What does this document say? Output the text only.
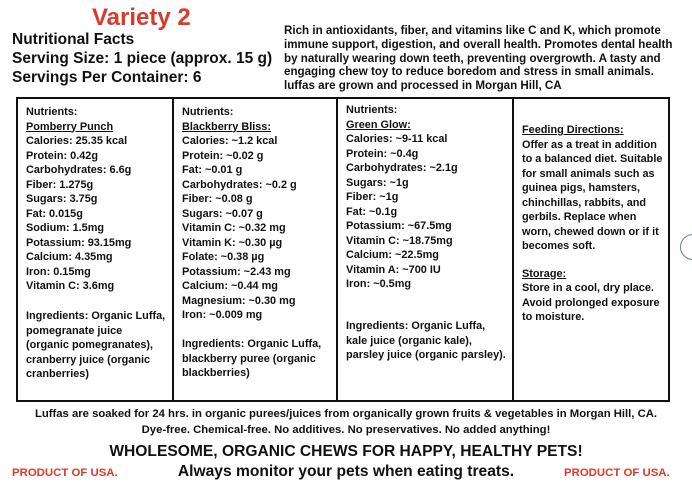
Variety 2
Nutritional Facts
Serving Size: 1 piece (approx. 15 g)
Servings Per Container: 6
Rich in antioxidants, fiber, and vitamins like C and K, which promote immune support, digestion, and overall health. Promotes dental health by naturally wearing down teeth, preventing overgrowth. A tasty and engaging chew toy to reduce boredom and stress in small animals. luffas are grown and processed in Morgan Hill, CA
Nutrients:
Pomberry Punch
Calories: 25.35 kcal
Protein: 0.42g
Carbohydrates: 6.6g
Fiber: 1.275g
Sugars: 3.75g
Fat: 0.015g
Sodium: 1.5mg
Potassium: 93.15mg
Calcium: 4.35mg
Iron: 0.15mg
Vitamin C: 3.6mg
Ingredients: Organic Luffa, pomegranate juice (organic pomegranates), cranberry juice (organic cranberries)
Nutrients:
Blackberry Bliss:
Calories: ~1.2 kcal
Protein: ~0.02 g
Fat: ~0.01 g
Carbohydrates: ~0.2 g
Fiber: ~0.08 g
Sugars: ~0.07 g
Vitamin C: ~0.32 mg
Vitamin K: ~0.30 µg
Folate: ~0.38 µg
Potassium: ~2.43 mg
Calcium: ~0.44 mg
Magnesium: ~0.30 mg
Iron: ~0.009 mg
Ingredients: Organic Luffa, blackberry puree (organic blackberries)
Nutrients:
Green Glow:
Calories: ~9-11 kcal
Protein: ~0.4g
Carbohydrates: ~2.1g
Sugars: ~1g
Fiber: ~1g
Fat: ~0.1g
Potassium: ~67.5mg
Vitamin C: ~18.75mg
Calcium: ~22.5mg
Vitamin A: ~700 IU
Iron: ~0.5mg
Ingredients: Organic Luffa, kale juice (organic kale), parsley juice (organic parsley).
Feeding Directions:
Offer as a treat in addition to a balanced diet. Suitable for small animals such as guinea pigs, hamsters, chinchillas, rabbits, and gerbils. Replace when worn, chewed down or if it becomes soft.
Storage:
Store in a cool, dry place. Avoid prolonged exposure to moisture.
Luffas are soaked for 24 hrs. in organic purees/juices from organically grown fruits & vegetables in Morgan Hill, CA.
Dye-free. Chemical-free. No additives. No preservatives. No added anything!
WHOLESOME, ORGANIC CHEWS FOR HAPPY, HEALTHY PETS!
Always monitor your pets when eating treats.
PRODUCT OF USA.	PRODUCT OF USA.
